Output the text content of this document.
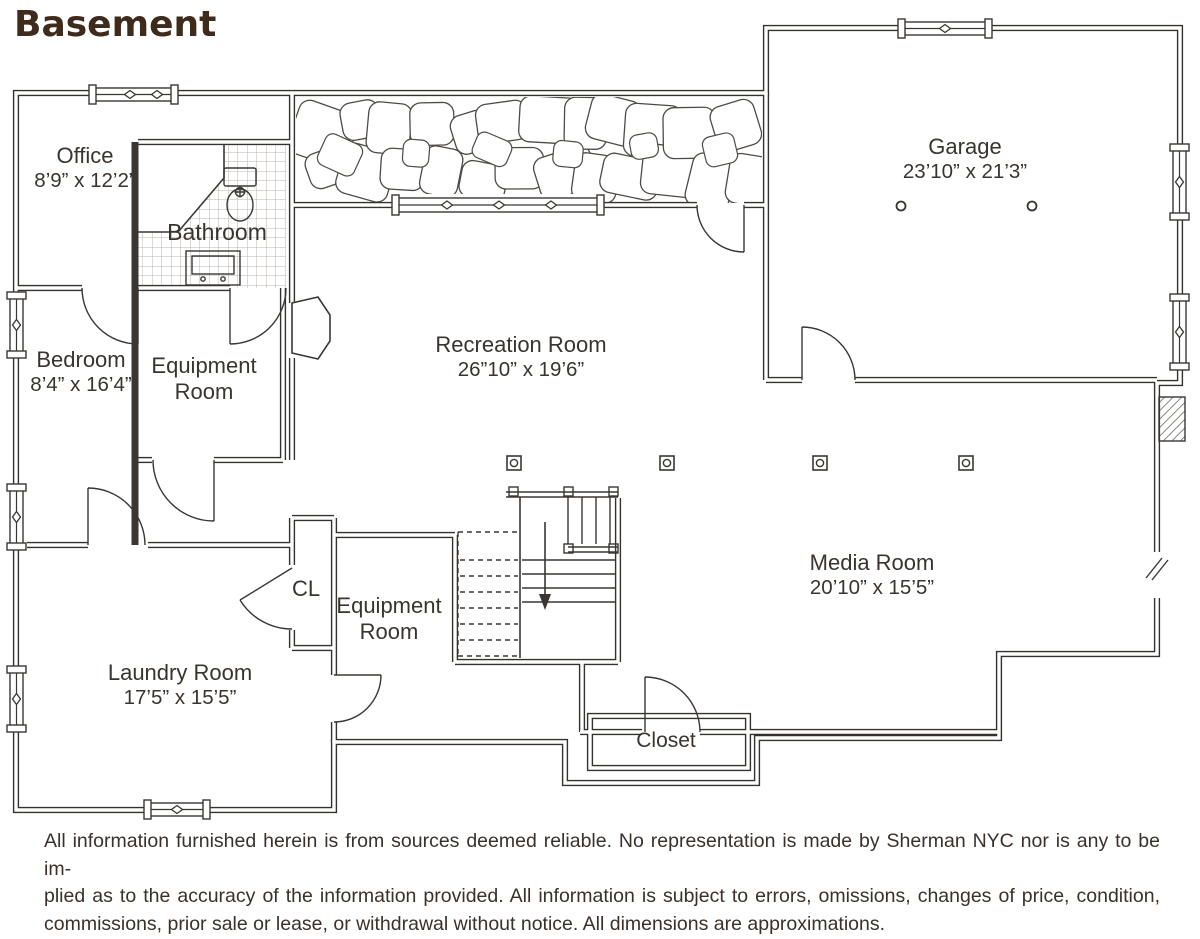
Basement
Office
8’9” x 12’2”
Bathroom
Bedroom
8’4” x 16’4”
Equipment Room
Recreation Room
26”10” x 19’6”
Garage
23’10” x 21’3”
Media Room
20’10” x 15’5”
CL
Equipment Room
Laundry Room
17’5” x 15’5”
Closet
All information furnished herein is from sources deemed reliable. No representation is made by Sherman NYC nor is any to be im-
plied as to the accuracy of the information provided. All information is subject to errors, omissions, changes of price, condition,
commissions, prior sale or lease, or withdrawal without notice. All dimensions are approximations.
